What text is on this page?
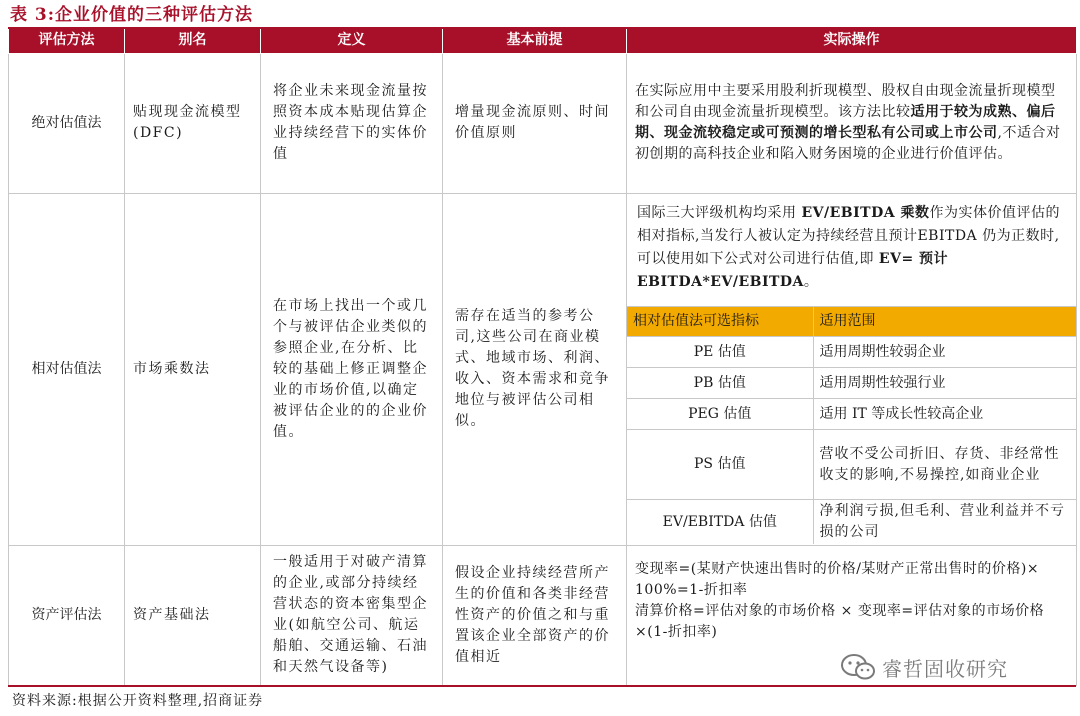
表 3:企业价值的三种评估方法
评估方法	别名	定义	基本前提	实际操作
绝对估值法	贴现现金流模型(DFC)	将企业未来现金流量按照资本成本贴现估算企业持续经营下的实体价值	增量现金流原则、时间价值原则	在实际应用中主要采用股利折现模型、股权自由现金流量折现模型和公司自由现金流量折现模型。该方法比较适用于较为成熟、偏后期、现金流较稳定或可预测的增长型私有公司或上市公司,不适合对初创期的高科技企业和陷入财务困境的企业进行价值评估。
相对估值法	市场乘数法	在市场上找出一个或几个与被评估企业类似的参照企业,在分析、比较的基础上修正调整企业的市场价值,以确定被评估企业的的企业价值。	需存在适当的参考公司,这些公司在商业模式、地域市场、利润、收入、资本需求和竞争地位与被评估公司相似。	
国际三大评级机构均采用 EV/EBITDA 乘数作为实体价值评估的相对指标,当发行人被认定为持续经营且预计EBITDA 仍为正数时,可以使用如下公式对公司进行估值,即 EV= 预计 EBITDA*EV/EBITDA。
相对估值法可选指标	适用范围
PE 估值	适用周期性较弱企业
PB 估值	适用周期性较强行业
PEG 估值	适用 IT 等成长性较高企业
PS 估值	营收不受公司折旧、存货、非经常性收支的影响,不易操控,如商业企业
EV/EBITDA 估值	净利润亏损,但毛利、营业利益并不亏损的公司

资产评估法	资产基础法	一般适用于对破产清算的企业,或部分持续经营状态的资本密集型企业(如航空公司、航运船舶、交通运输、石油和天然气设备等)	假设企业持续经营所产生的价值和各类非经营性资产的价值之和与重置该企业全部资产的价值相近	
变现率=(某财产快速出售时的价格/某财产正常出售时的价格)× 100%=1-折扣率
清算价格=评估对象的市场价格 × 变现率=评估对象的市场价格 ×(1-折扣率)
资料来源:根据公开资料整理,招商证券
睿哲固收研究
